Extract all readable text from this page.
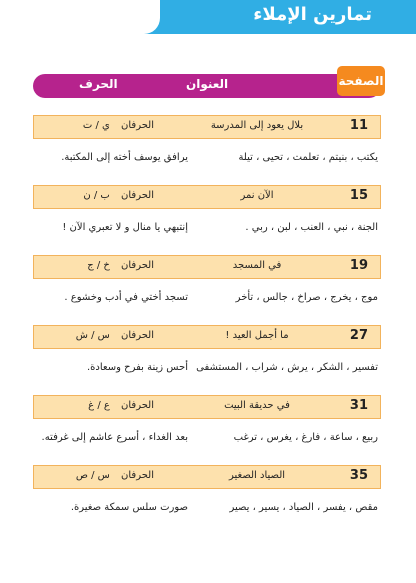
تمارين الإملاء
العنوان
الحرف	الصفحة
11
بلال يعود إلى المدرسة
الحرفان ي / ت
يكتب ، بنيتم ، تعلمت ، تحيى ، تيلة
يرافق يوسف أخته إلى المكتبة.
15
الآن نمر
الحرفان ب / ن
الجنة ، نبي ، العنب ، لبن ، ربي .
إنتبهي يا منال و لا تعبري الآن !
19
في المسجد
الحرفان خ / ج
موج ، يخرج ، صراخ ، جالس ، تأخر
تسجد أختي في أدب وخشوع .
27
ما أجمل العيد !
الحرفان س / ش
تفسير ، الشكر ، يرش ، شراب ، المستشفى
أحس زينة بفرح وسعادة.
31
في حديقة البيت
الحرفان ع / غ
ربيع ، ساعة ، فارغ ، يغرس ، ترغب
بعد الغداء ، أسرع عاشم إلى غرفته.
35
الصياد الصغير
الحرفان س / ص
مقص ، يفسر ، الصياد ، يسير ، يصير
صورت سلس سمكة صغيرة.
